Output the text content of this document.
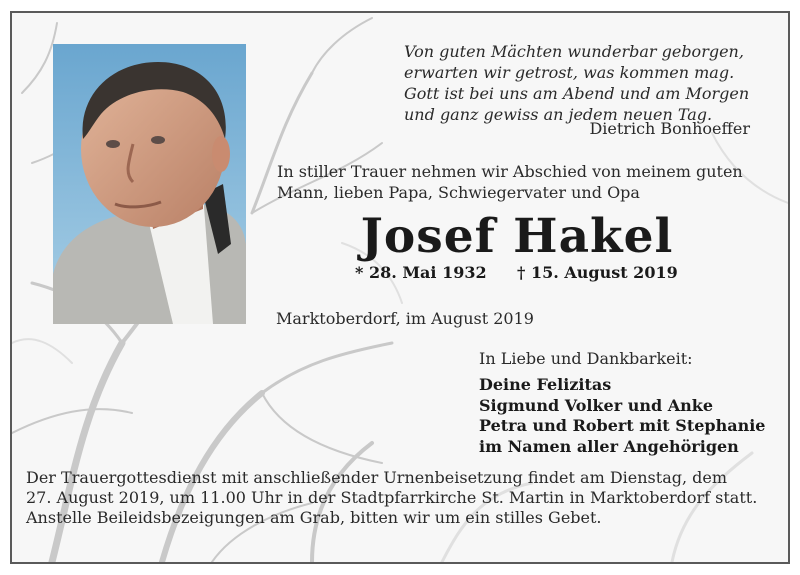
Von guten Mächten wunderbar geborgen,
erwarten wir getrost, was kommen mag.
Gott ist bei uns am Abend und am Morgen
und ganz gewiss an jedem neuen Tag.
Dietrich Bonhoeffer
In stiller Trauer nehmen wir Abschied von meinem guten
Mann, lieben Papa, Schwiegervater und Opa
Josef Hakel
* 28. Mai 1932 † 15. August 2019
Marktoberdorf, im August 2019
In Liebe und Dankbarkeit:
Deine Felizitas
Sigmund Volker und Anke
Petra und Robert mit Stephanie
im Namen aller Angehörigen
Der Trauergottesdienst mit anschließender Urnenbeisetzung findet am Dienstag, dem
27. August 2019, um 11.00 Uhr in der Stadtpfarrkirche St. Martin in Marktoberdorf statt.
Anstelle Beileidsbezeigungen am Grab, bitten wir um ein stilles Gebet.
